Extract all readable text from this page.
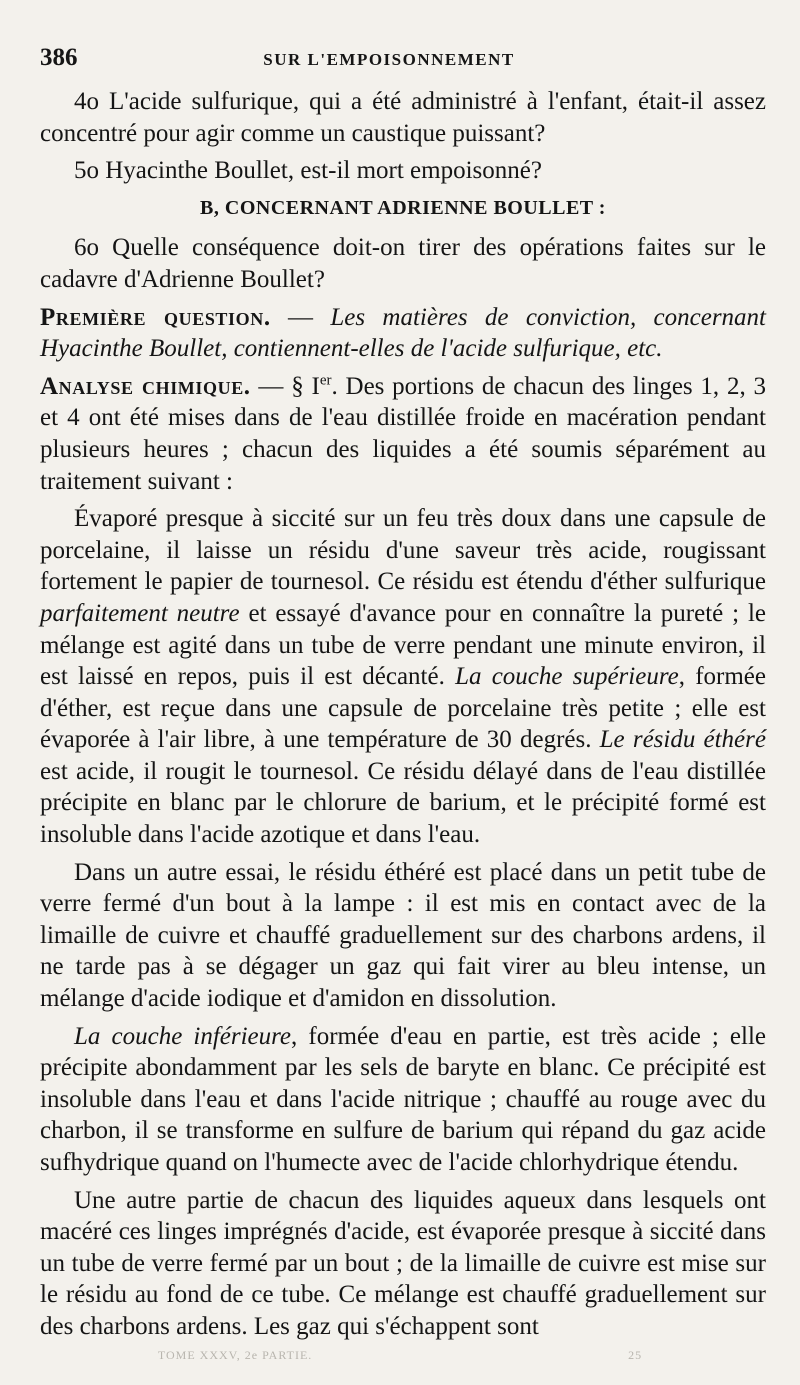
386	SUR L'EMPOISONNEMENT

4o L'acide sulfurique, qui a été administré à l'enfant, était-il assez concentré pour agir comme un caustique puissant?

5o Hyacinthe Boullet, est-il mort empoisonné?

B, CONCERNANT ADRIENNE BOULLET :

6o Quelle conséquence doit-on tirer des opérations faites sur le cadavre d'Adrienne Boullet?

Première question. — Les matières de conviction, concernant Hyacinthe Boullet, contiennent-elles de l'acide sulfurique, etc.

Analyse chimique. — § Ier. Des portions de chacun des linges 1, 2, 3 et 4 ont été mises dans de l'eau distillée froide en macération pendant plusieurs heures ; chacun des liquides a été soumis séparément au traitement suivant :

Évaporé presque à siccité sur un feu très doux dans une capsule de porcelaine, il laisse un résidu d'une saveur très acide, rougissant fortement le papier de tournesol. Ce résidu est étendu d'éther sulfurique parfaitement neutre et essayé d'avance pour en connaître la pureté ; le mélange est agité dans un tube de verre pendant une minute environ, il est laissé en repos, puis il est décanté. La couche supérieure, formée d'éther, est reçue dans une capsule de porcelaine très petite ; elle est évaporée à l'air libre, à une température de 30 degrés. Le résidu éthéré est acide, il rougit le tournesol. Ce résidu délayé dans de l'eau distillée précipite en blanc par le chlorure de barium, et le précipité formé est insoluble dans l'acide azotique et dans l'eau.

Dans un autre essai, le résidu éthéré est placé dans un petit tube de verre fermé d'un bout à la lampe : il est mis en contact avec de la limaille de cuivre et chauffé graduellement sur des charbons ardens, il ne tarde pas à se dégager un gaz qui fait virer au bleu intense, un mélange d'acide iodique et d'amidon en dissolution.

La couche inférieure, formée d'eau en partie, est très acide ; elle précipite abondamment par les sels de baryte en blanc. Ce précipité est insoluble dans l'eau et dans l'acide nitrique ; chauffé au rouge avec du charbon, il se transforme en sulfure de barium qui répand du gaz acide sufhydrique quand on l'humecte avec de l'acide chlorhydrique étendu.

Une autre partie de chacun des liquides aqueux dans lesquels ont macéré ces linges imprégnés d'acide, est évaporée presque à siccité dans un tube de verre fermé par un bout ; de la limaille de cuivre est mise sur le résidu au fond de ce tube. Ce mélange est chauffé graduellement sur des charbons ardens. Les gaz qui s'échappent sont

TOME XXXV, 2e PARTIE.	25
